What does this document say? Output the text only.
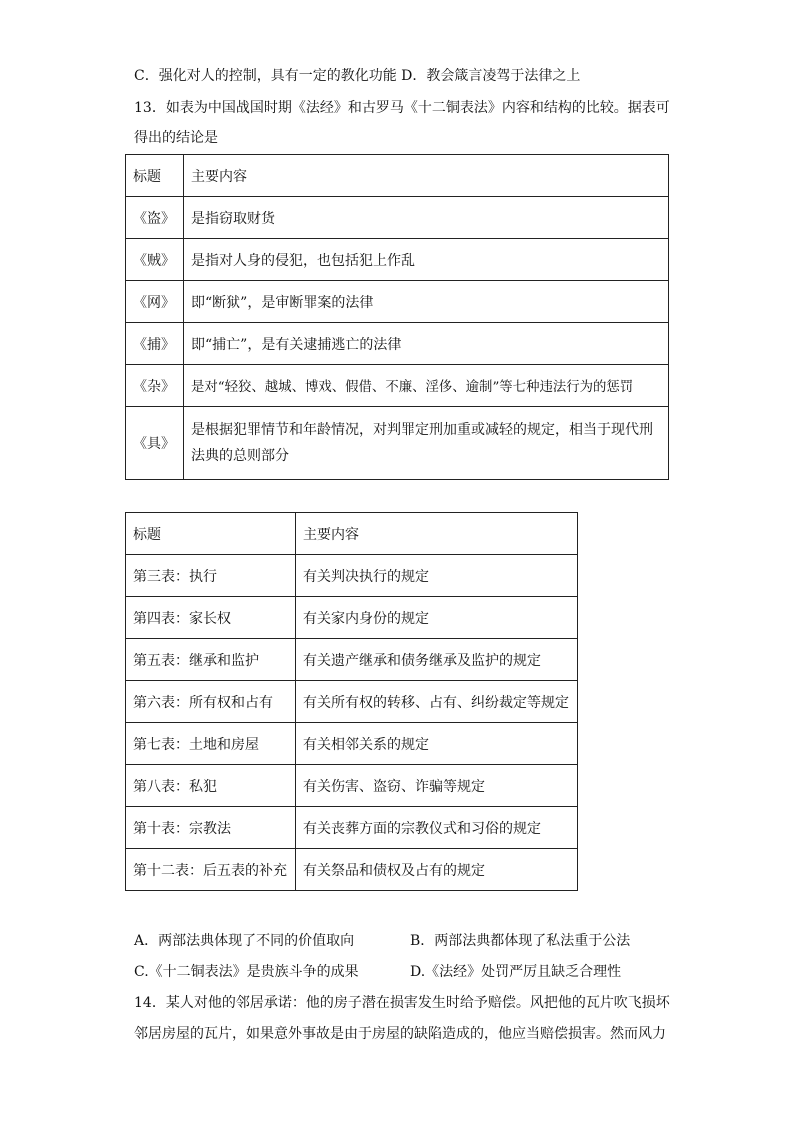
C．强化对人的控制，具有一定的教化功能 D．教会箴言凌驾于法律之上
13．如表为中国战国时期《法经》和古罗马《十二铜表法》内容和结构的比较。据表可
得出的结论是
标题	主要内容
《盗》	是指窃取财货
《贼》	是指对人身的侵犯，也包括犯上作乱
《网》	即“断狱”，是审断罪案的法律
《捕》	即“捕亡”，是有关逮捕逃亡的法律
《杂》	是对“轻狡、越城、博戏、假借、不廉、淫侈、逾制”等七种违法行为的惩罚
《具》	是根据犯罪情节和年龄情况，对判罪定刑加重或减轻的规定，相当于现代刑法典的总则部分
标题	主要内容
第三表：执行	有关判决执行的规定
第四表：家长权	有关家内身份的规定
第五表：继承和监护	有关遗产继承和债务继承及监护的规定
第六表：所有权和占有	有关所有权的转移、占有、纠纷裁定等规定
第七表：土地和房屋	有关相邻关系的规定
第八表：私犯	有关伤害、盗窃、诈骗等规定
第十表：宗教法	有关丧葬方面的宗教仪式和习俗的规定
第十二表：后五表的补充	有关祭品和债权及占有的规定
A．两部法典体现了不同的价值取向	B．两部法典都体现了私法重于公法
C.《十二铜表法》是贵族斗争的成果	D.《法经》处罚严厉且缺乏合理性
14．某人对他的邻居承诺：他的房子潜在损害发生时给予赔偿。风把他的瓦片吹飞损坏
邻居房屋的瓦片，如果意外事故是由于房屋的缺陷造成的，他应当赔偿损害。然而风力
